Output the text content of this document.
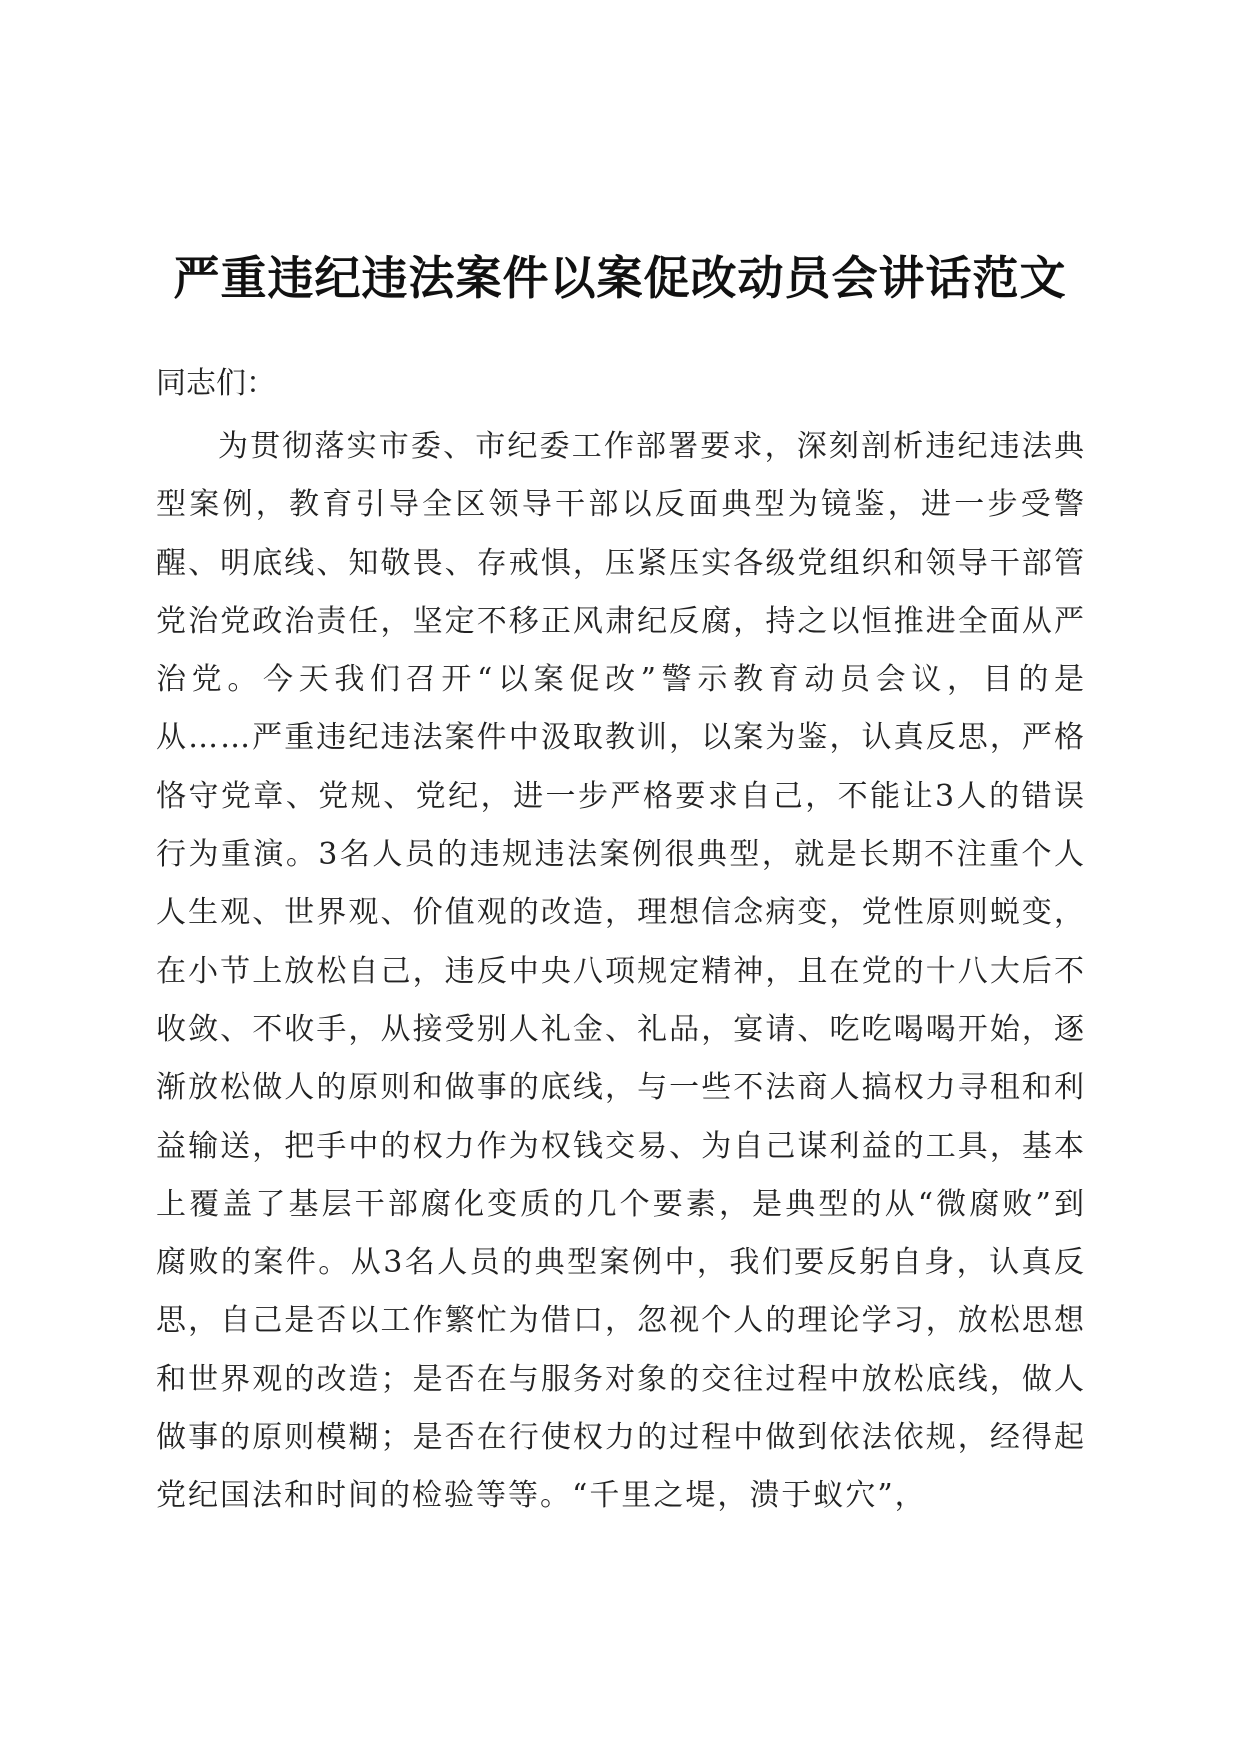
严重违纪违法案件以案促改动员会讲话范文

同志们：

为贯彻落实市委、市纪委工作部署要求，深刻剖析违纪违法典型案例，教育引导全区领导干部以反面典型为镜鉴，进一步受警醒、明底线、知敬畏、存戒惧，压紧压实各级党组织和领导干部管党治党政治责任，坚定不移正风肃纪反腐，持之以恒推进全面从严治党。今天我们召开“以案促改”警示教育动员会议，目的是从……严重违纪违法案件中汲取教训，以案为鉴，认真反思，严格恪守党章、党规、党纪，进一步严格要求自己，不能让3人的错误行为重演。3名人员的违规违法案例很典型，就是长期不注重个人人生观、世界观、价值观的改造，理想信念病变，党性原则蜕变，在小节上放松自己，违反中央八项规定精神，且在党的十八大后不收敛、不收手，从接受别人礼金、礼品，宴请、吃吃喝喝开始，逐渐放松做人的原则和做事的底线，与一些不法商人搞权力寻租和利益输送，把手中的权力作为权钱交易、为自己谋利益的工具，基本上覆盖了基层干部腐化变质的几个要素，是典型的从“微腐败”到腐败的案件。从3名人员的典型案例中，我们要反躬自身，认真反思，自己是否以工作繁忙为借口，忽视个人的理论学习，放松思想和世界观的改造；是否在与服务对象的交往过程中放松底线，做人做事的原则模糊；是否在行使权力的过程中做到依法依规，经得起党纪国法和时间的检验等等。“千里之堤，溃于蚁穴”，
